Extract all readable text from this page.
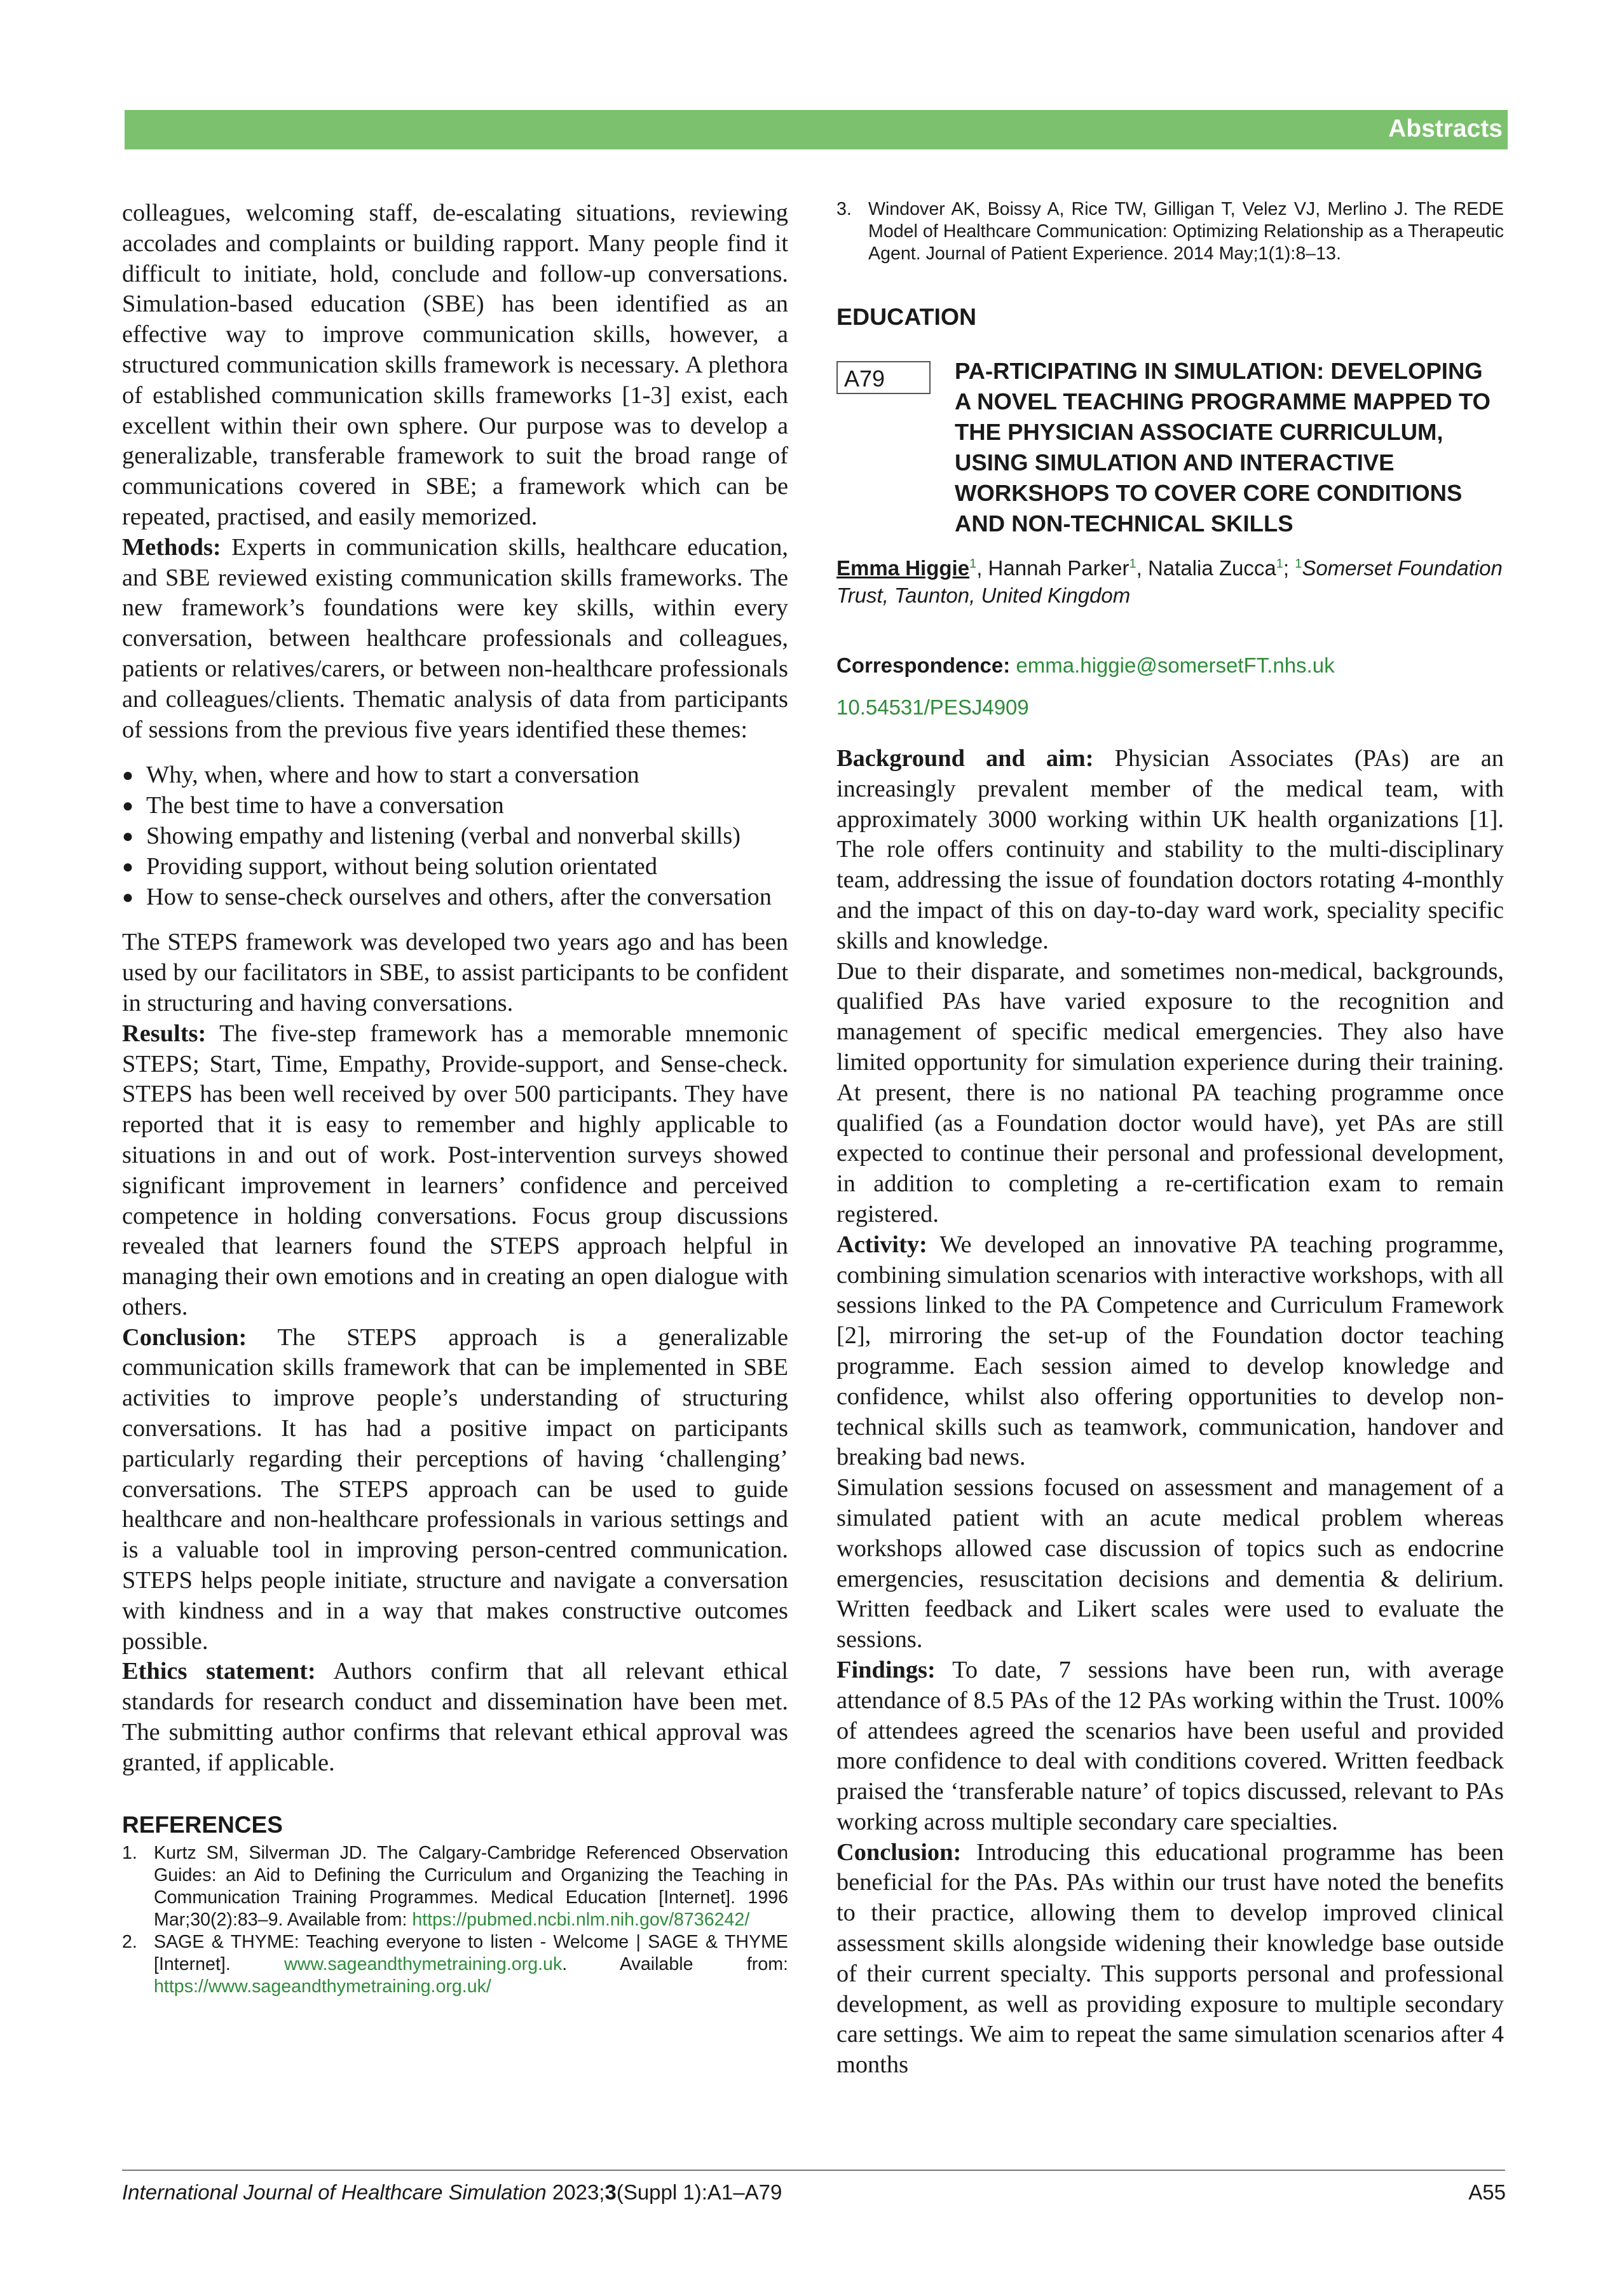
Abstracts

colleagues, welcoming staff, de-escalating situations, reviewing accolades and complaints or building rapport. Many people find it difficult to initiate, hold, conclude and follow-up conversations. Simulation-based education (SBE) has been identified as an effective way to improve communication skills, however, a structured communication skills framework is necessary. A plethora of established communication skills frameworks [1-3] exist, each excellent within their own sphere. Our purpose was to develop a generalizable, transferable framework to suit the broad range of communications covered in SBE; a framework which can be repeated, practised, and easily memorized.

Methods: Experts in communication skills, healthcare education, and SBE reviewed existing communication skills frameworks. The new framework’s foundations were key skills, within every conversation, between healthcare professionals and colleagues, patients or relatives/carers, or between non-healthcare professionals and colleagues/clients. Thematic analysis of data from participants of sessions from the previous five years identified these themes:

● Why, when, where and how to start a conversation
● The best time to have a conversation
● Showing empathy and listening (verbal and nonverbal skills)
● Providing support, without being solution orientated
● How to sense-check ourselves and others, after the conversation

The STEPS framework was developed two years ago and has been used by our facilitators in SBE, to assist participants to be confident in structuring and having conversations.

Results: The five-step framework has a memorable mnemonic STEPS; Start, Time, Empathy, Provide-support, and Sense-check. STEPS has been well received by over 500 participants. They have reported that it is easy to remember and highly applicable to situations in and out of work. Post-intervention surveys showed significant improvement in learners’ confidence and perceived competence in holding conversations. Focus group discussions revealed that learners found the STEPS approach helpful in managing their own emotions and in creating an open dialogue with others.

Conclusion: The STEPS approach is a generalizable communication skills framework that can be implemented in SBE activities to improve people’s understanding of structuring conversations. It has had a positive impact on participants particularly regarding their perceptions of having ‘challenging’ conversations. The STEPS approach can be used to guide healthcare and non-healthcare professionals in various settings and is a valuable tool in improving person-centred communication. STEPS helps people initiate, structure and navigate a conversation with kindness and in a way that makes constructive outcomes possible.

Ethics statement: Authors confirm that all relevant ethical standards for research conduct and dissemination have been met. The submitting author confirms that relevant ethical approval was granted, if applicable.

REFERENCES
1. Kurtz SM, Silverman JD. The Calgary-Cambridge Referenced Observation Guides: an Aid to Defining the Curriculum and Organizing the Teaching in Communication Training Programmes. Medical Education [Internet]. 1996 Mar;30(2):83–9. Available from: https://pubmed.ncbi.nlm.nih.gov/8736242/
2. SAGE & THYME: Teaching everyone to listen - Welcome | SAGE & THYME [Internet]. www.sageandthymetraining.org.uk. Available from: https://www.sageandthymetraining.org.uk/
3. Windover AK, Boissy A, Rice TW, Gilligan T, Velez VJ, Merlino J. The REDE Model of Healthcare Communication: Optimizing Relationship as a Therapeutic Agent. Journal of Patient Experience. 2014 May;1(1):8–13.
EDUCATION
A79	PA-RTICIPATING IN SIMULATION: DEVELOPING A NOVEL TEACHING PROGRAMME MAPPED TO THE PHYSICIAN ASSOCIATE CURRICULUM, USING SIMULATION AND INTERACTIVE WORKSHOPS TO COVER CORE CONDITIONS AND NON-TECHNICAL SKILLS
Emma Higgie$^1$, Hannah Parker$^1$, Natalia Zucca$^1$; $^1$Somerset Foundation Trust, Taunton, United Kingdom
Correspondence: emma.higgie@somersetFT.nhs.uk
10.54531/PESJ4909

Background and aim: Physician Associates (PAs) are an increasingly prevalent member of the medical team, with approximately 3000 working within UK health organizations [1]. The role offers continuity and stability to the multi-disciplinary team, addressing the issue of foundation doctors rotating 4-monthly and the impact of this on day-to-day ward work, speciality specific skills and knowledge.

Due to their disparate, and sometimes non-medical, backgrounds, qualified PAs have varied exposure to the recognition and management of specific medical emergencies. They also have limited opportunity for simulation experience during their training. At present, there is no national PA teaching programme once qualified (as a Foundation doctor would have), yet PAs are still expected to continue their personal and professional development, in addition to completing a re-certification exam to remain registered.

Activity: We developed an innovative PA teaching programme, combining simulation scenarios with interactive workshops, with all sessions linked to the PA Competence and Curriculum Framework [2], mirroring the set-up of the Foundation doctor teaching programme. Each session aimed to develop knowledge and confidence, whilst also offering opportunities to develop non-technical skills such as teamwork, communication, handover and breaking bad news.

Simulation sessions focused on assessment and management of a simulated patient with an acute medical problem whereas workshops allowed case discussion of topics such as endocrine emergencies, resuscitation decisions and dementia & delirium. Written feedback and Likert scales were used to evaluate the sessions.

Findings: To date, 7 sessions have been run, with average attendance of 8.5 PAs of the 12 PAs working within the Trust. 100% of attendees agreed the scenarios have been useful and provided more confidence to deal with conditions covered. Written feedback praised the ‘transferable nature’ of topics discussed, relevant to PAs working across multiple secondary care specialties.

Conclusion: Introducing this educational programme has been beneficial for the PAs. PAs within our trust have noted the benefits to their practice, allowing them to develop improved clinical assessment skills alongside widening their knowledge base outside of their current specialty. This supports personal and professional development, as well as providing exposure to multiple secondary care settings. We aim to repeat the same simulation scenarios after 4 months

International Journal of Healthcare Simulation 2023;3(Suppl 1):A1–A79	A55
